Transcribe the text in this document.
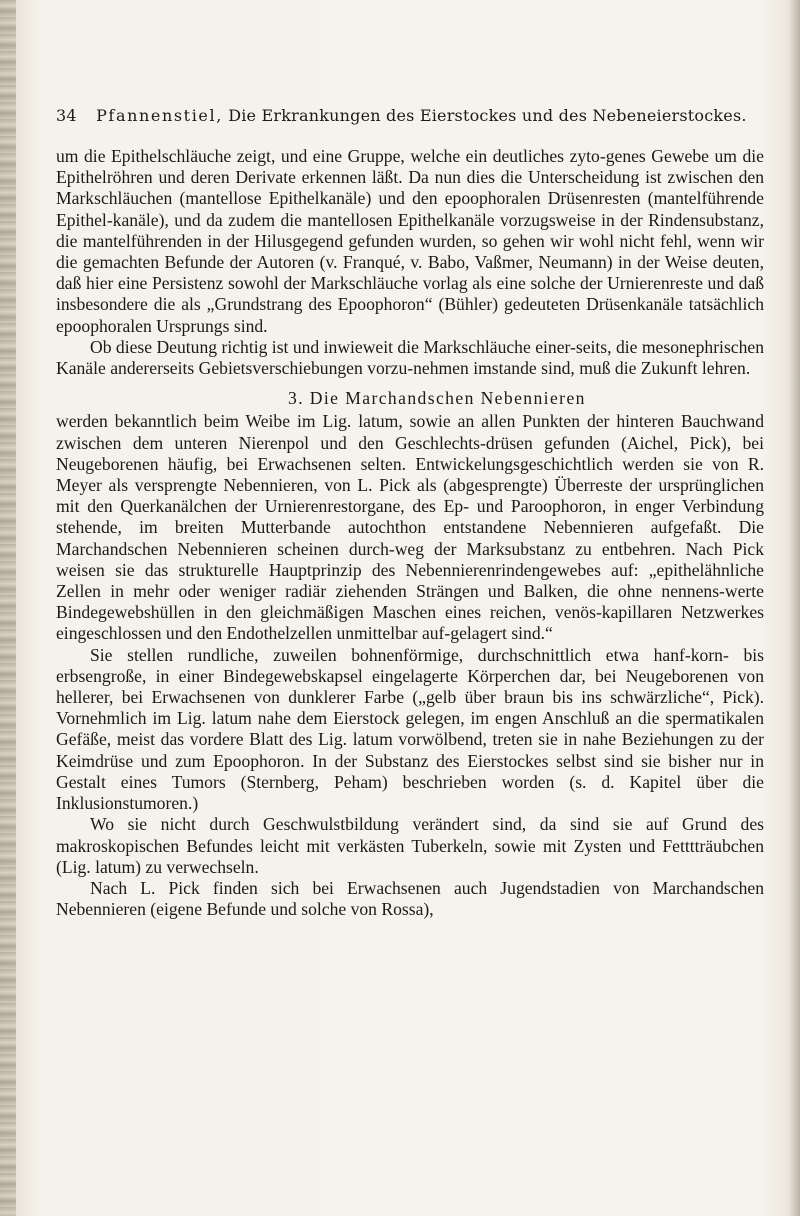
34 Pfannenstiel, Die Erkrankungen des Eierstockes und des Nebeneierstockes.

um die Epithelschläuche zeigt, und eine Gruppe, welche ein deutliches zyto-genes Gewebe um die Epithelröhren und deren Derivate erkennen läßt. Da nun dies die Unterscheidung ist zwischen den Markschläuchen (mantellose Epithelkanäle) und den epoophoralen Drüsenresten (mantelführende Epithel-kanäle), und da zudem die mantellosen Epithelkanäle vorzugsweise in der Rindensubstanz, die mantelführenden in der Hilusgegend gefunden wurden, so gehen wir wohl nicht fehl, wenn wir die gemachten Befunde der Autoren (v. Franqué, v. Babo, Vaßmer, Neumann) in der Weise deuten, daß hier eine Persistenz sowohl der Markschläuche vorlag als eine solche der Urnierenreste und daß insbesondere die als „Grundstrang des Epoophoron“ (Bühler) gedeuteten Drüsenkanäle tatsächlich epoophoralen Ursprungs sind.

Ob diese Deutung richtig ist und inwieweit die Markschläuche einer-seits, die mesonephrischen Kanäle andererseits Gebietsverschiebungen vorzu-nehmen imstande sind, muß die Zukunft lehren.

3. Die Marchandschen Nebennieren

werden bekanntlich beim Weibe im Lig. latum, sowie an allen Punkten der hinteren Bauchwand zwischen dem unteren Nierenpol und den Geschlechts-drüsen gefunden (Aichel, Pick), bei Neugeborenen häufig, bei Erwachsenen selten. Entwickelungsgeschichtlich werden sie von R. Meyer als versprengte Nebennieren, von L. Pick als (abgesprengte) Überreste der ursprünglichen mit den Querkanälchen der Urnierenrestorgane, des Ep- und Paroophoron, in enger Verbindung stehende, im breiten Mutterbande autochthon entstandene Nebennieren aufgefaßt. Die Marchandschen Nebennieren scheinen durch-weg der Marksubstanz zu entbehren. Nach Pick weisen sie das strukturelle Hauptprinzip des Nebennierenrindengewebes auf: „epithelähnliche Zellen in mehr oder weniger radiär ziehenden Strängen und Balken, die ohne nennens-werte Bindegewebshüllen in den gleichmäßigen Maschen eines reichen, venös-kapillaren Netzwerkes eingeschlossen und den Endothelzellen unmittelbar auf-gelagert sind.“

Sie stellen rundliche, zuweilen bohnenförmige, durchschnittlich etwa hanf-korn- bis erbsengroße, in einer Bindegewebskapsel eingelagerte Körperchen dar, bei Neugeborenen von hellerer, bei Erwachsenen von dunklerer Farbe („gelb über braun bis ins schwärzliche“, Pick). Vornehmlich im Lig. latum nahe dem Eierstock gelegen, im engen Anschluß an die spermatikalen Gefäße, meist das vordere Blatt des Lig. latum vorwölbend, treten sie in nahe Beziehungen zu der Keimdrüse und zum Epoophoron. In der Substanz des Eierstockes selbst sind sie bisher nur in Gestalt eines Tumors (Sternberg, Peham) beschrieben worden (s. d. Kapitel über die Inklusionstumoren.)

Wo sie nicht durch Geschwulstbildung verändert sind, da sind sie auf Grund des makroskopischen Befundes leicht mit verkästen Tuberkeln, sowie mit Zysten und Fetttträubchen (Lig. latum) zu verwechseln.

Nach L. Pick finden sich bei Erwachsenen auch Jugendstadien von Marchandschen Nebennieren (eigene Befunde und solche von Rossa),
